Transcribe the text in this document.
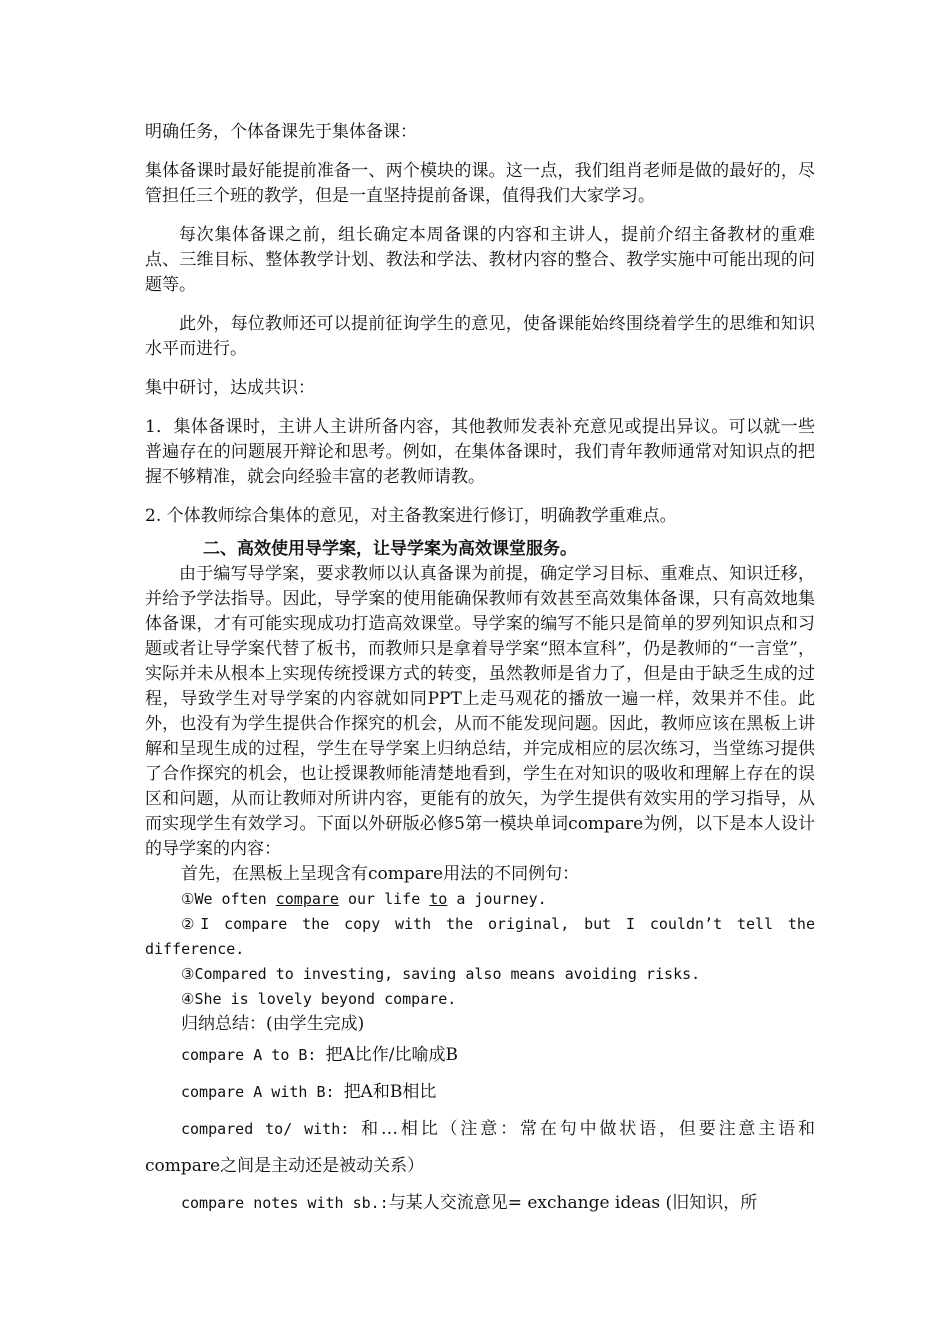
明确任务，个体备课先于集体备课：

集体备课时最好能提前准备一、两个模块的课。这一点，我们组肖老师是做的最好的，尽管担任三个班的教学，但是一直坚持提前备课，值得我们大家学习。

每次集体备课之前，组长确定本周备课的内容和主讲人，提前介绍主备教材的重难点、三维目标、整体教学计划、教法和学法、教材内容的整合、教学实施中可能出现的问题等。

此外，每位教师还可以提前征询学生的意见，使备课能始终围绕着学生的思维和知识水平而进行。

集中研讨，达成共识：

1．集体备课时，主讲人主讲所备内容，其他教师发表补充意见或提出异议。可以就一些普遍存在的问题展开辩论和思考。例如，在集体备课时，我们青年教师通常对知识点的把握不够精准，就会向经验丰富的老教师请教。

2. 个体教师综合集体的意见，对主备教案进行修订，明确教学重难点。

二、高效使用导学案，让导学案为高效课堂服务。

由于编写导学案，要求教师以认真备课为前提，确定学习目标、重难点、知识迁移，并给予学法指导。因此，导学案的使用能确保教师有效甚至高效集体备课，只有高效地集体备课，才有可能实现成功打造高效课堂。导学案的编写不能只是简单的罗列知识点和习题或者让导学案代替了板书，而教师只是拿着导学案“照本宣科”，仍是教师的“一言堂”，实际并未从根本上实现传统授课方式的转变，虽然教师是省力了，但是由于缺乏生成的过程，导致学生对导学案的内容就如同PPT上走马观花的播放一遍一样，效果并不佳。此外，也没有为学生提供合作探究的机会，从而不能发现问题。因此，教师应该在黑板上讲解和呈现生成的过程，学生在导学案上归纳总结，并完成相应的层次练习，当堂练习提供了合作探究的机会，也让授课教师能清楚地看到，学生在对知识的吸收和理解上存在的误区和问题，从而让教师对所讲内容，更能有的放矢，为学生提供有效实用的学习指导，从而实现学生有效学习。下面以外研版必修5第一模块单词compare为例，以下是本人设计的导学案的内容：

首先，在黑板上呈现含有compare用法的不同例句：

①We often compare our life to a journey.

②I compare the copy with the original, but I couldn’t tell the difference.

③Compared to investing, saving also means avoiding risks.

④She is lovely beyond compare.

归纳总结：(由学生完成)

compare A to B: 把A比作/比喻成B

compare A with B: 把A和B相比

compared to/ with: 和…相比（注意：常在句中做状语，但要注意主语和compare之间是主动还是被动关系）

compare notes with sb.:与某人交流意见= exchange ideas (旧知识，所
